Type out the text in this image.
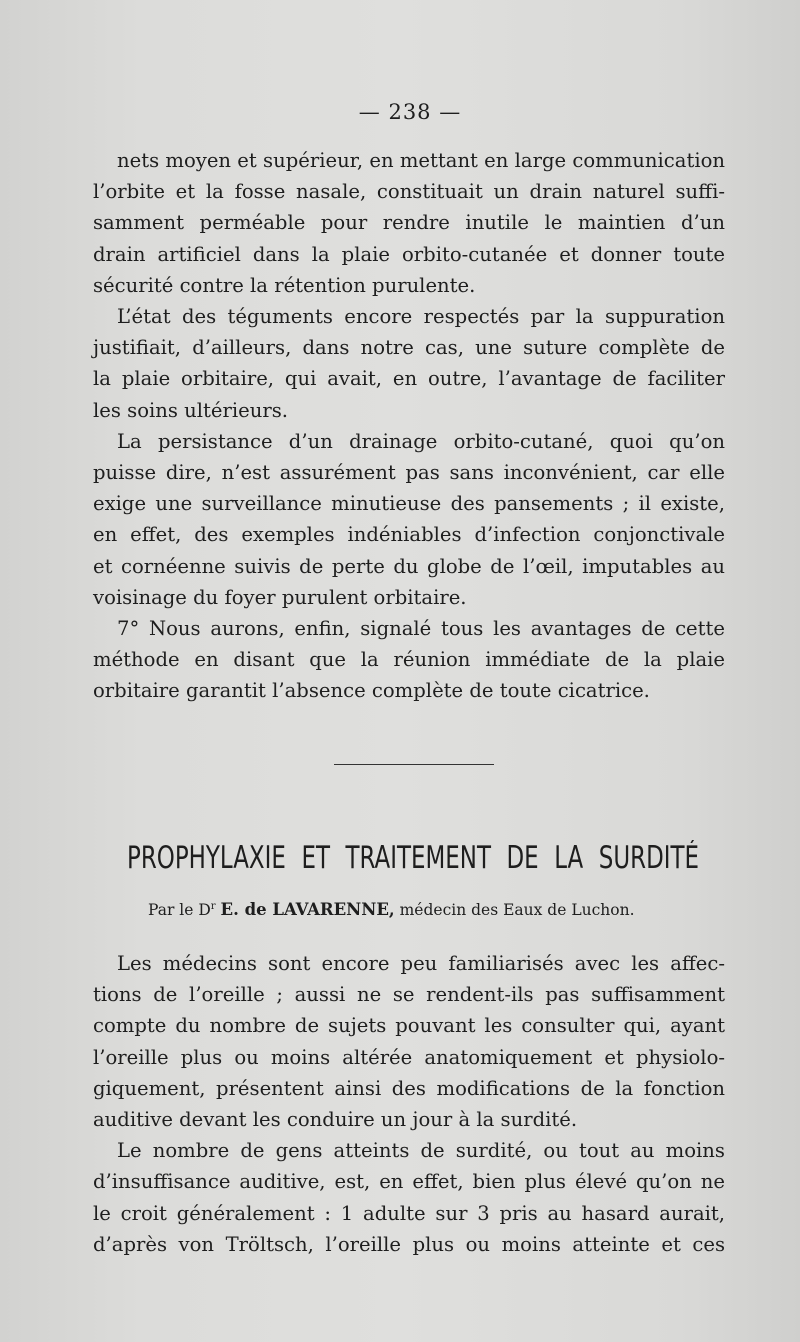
— 238 —
nets moyen et supérieur, en mettant en large communication
l’orbite et la fosse nasale, constituait un drain naturel suffi-
samment perméable pour rendre inutile le maintien d’un
drain artificiel dans la plaie orbito-cutanée et donner toute
sécurité contre la rétention purulente.
L’état des téguments encore respectés par la suppuration
justifiait, d’ailleurs, dans notre cas, une suture complète de
la plaie orbitaire, qui avait, en outre, l’avantage de faciliter
les soins ultérieurs.
La persistance d’un drainage orbito-cutané, quoi qu’on
puisse dire, n’est assurément pas sans inconvénient, car elle
exige une surveillance minutieuse des pansements ; il existe,
en effet, des exemples indéniables d’infection conjonctivale
et cornéenne suivis de perte du globe de l’œil, imputables au
voisinage du foyer purulent orbitaire.
7° Nous aurons, enfin, signalé tous les avantages de cette
méthode en disant que la réunion immédiate de la plaie
orbitaire garantit l’absence complète de toute cicatrice.
PROPHYLAXIE ET TRAITEMENT DE LA SURDITÉ
Par le $D^r$ E. de LAVARENNE, médecin des Eaux de Luchon.
Les médecins sont encore peu familiarisés avec les affec-
tions de l’oreille ; aussi ne se rendent-ils pas suffisamment
compte du nombre de sujets pouvant les consulter qui, ayant
l’oreille plus ou moins altérée anatomiquement et physiolo-
giquement, présentent ainsi des modifications de la fonction
auditive devant les conduire un jour à la surdité.
Le nombre de gens atteints de surdité, ou tout au moins
d’insuffisance auditive, est, en effet, bien plus élevé qu’on ne
le croit généralement : 1 adulte sur 3 pris au hasard aurait,
d’après von Tröltsch, l’oreille plus ou moins atteinte et ces
